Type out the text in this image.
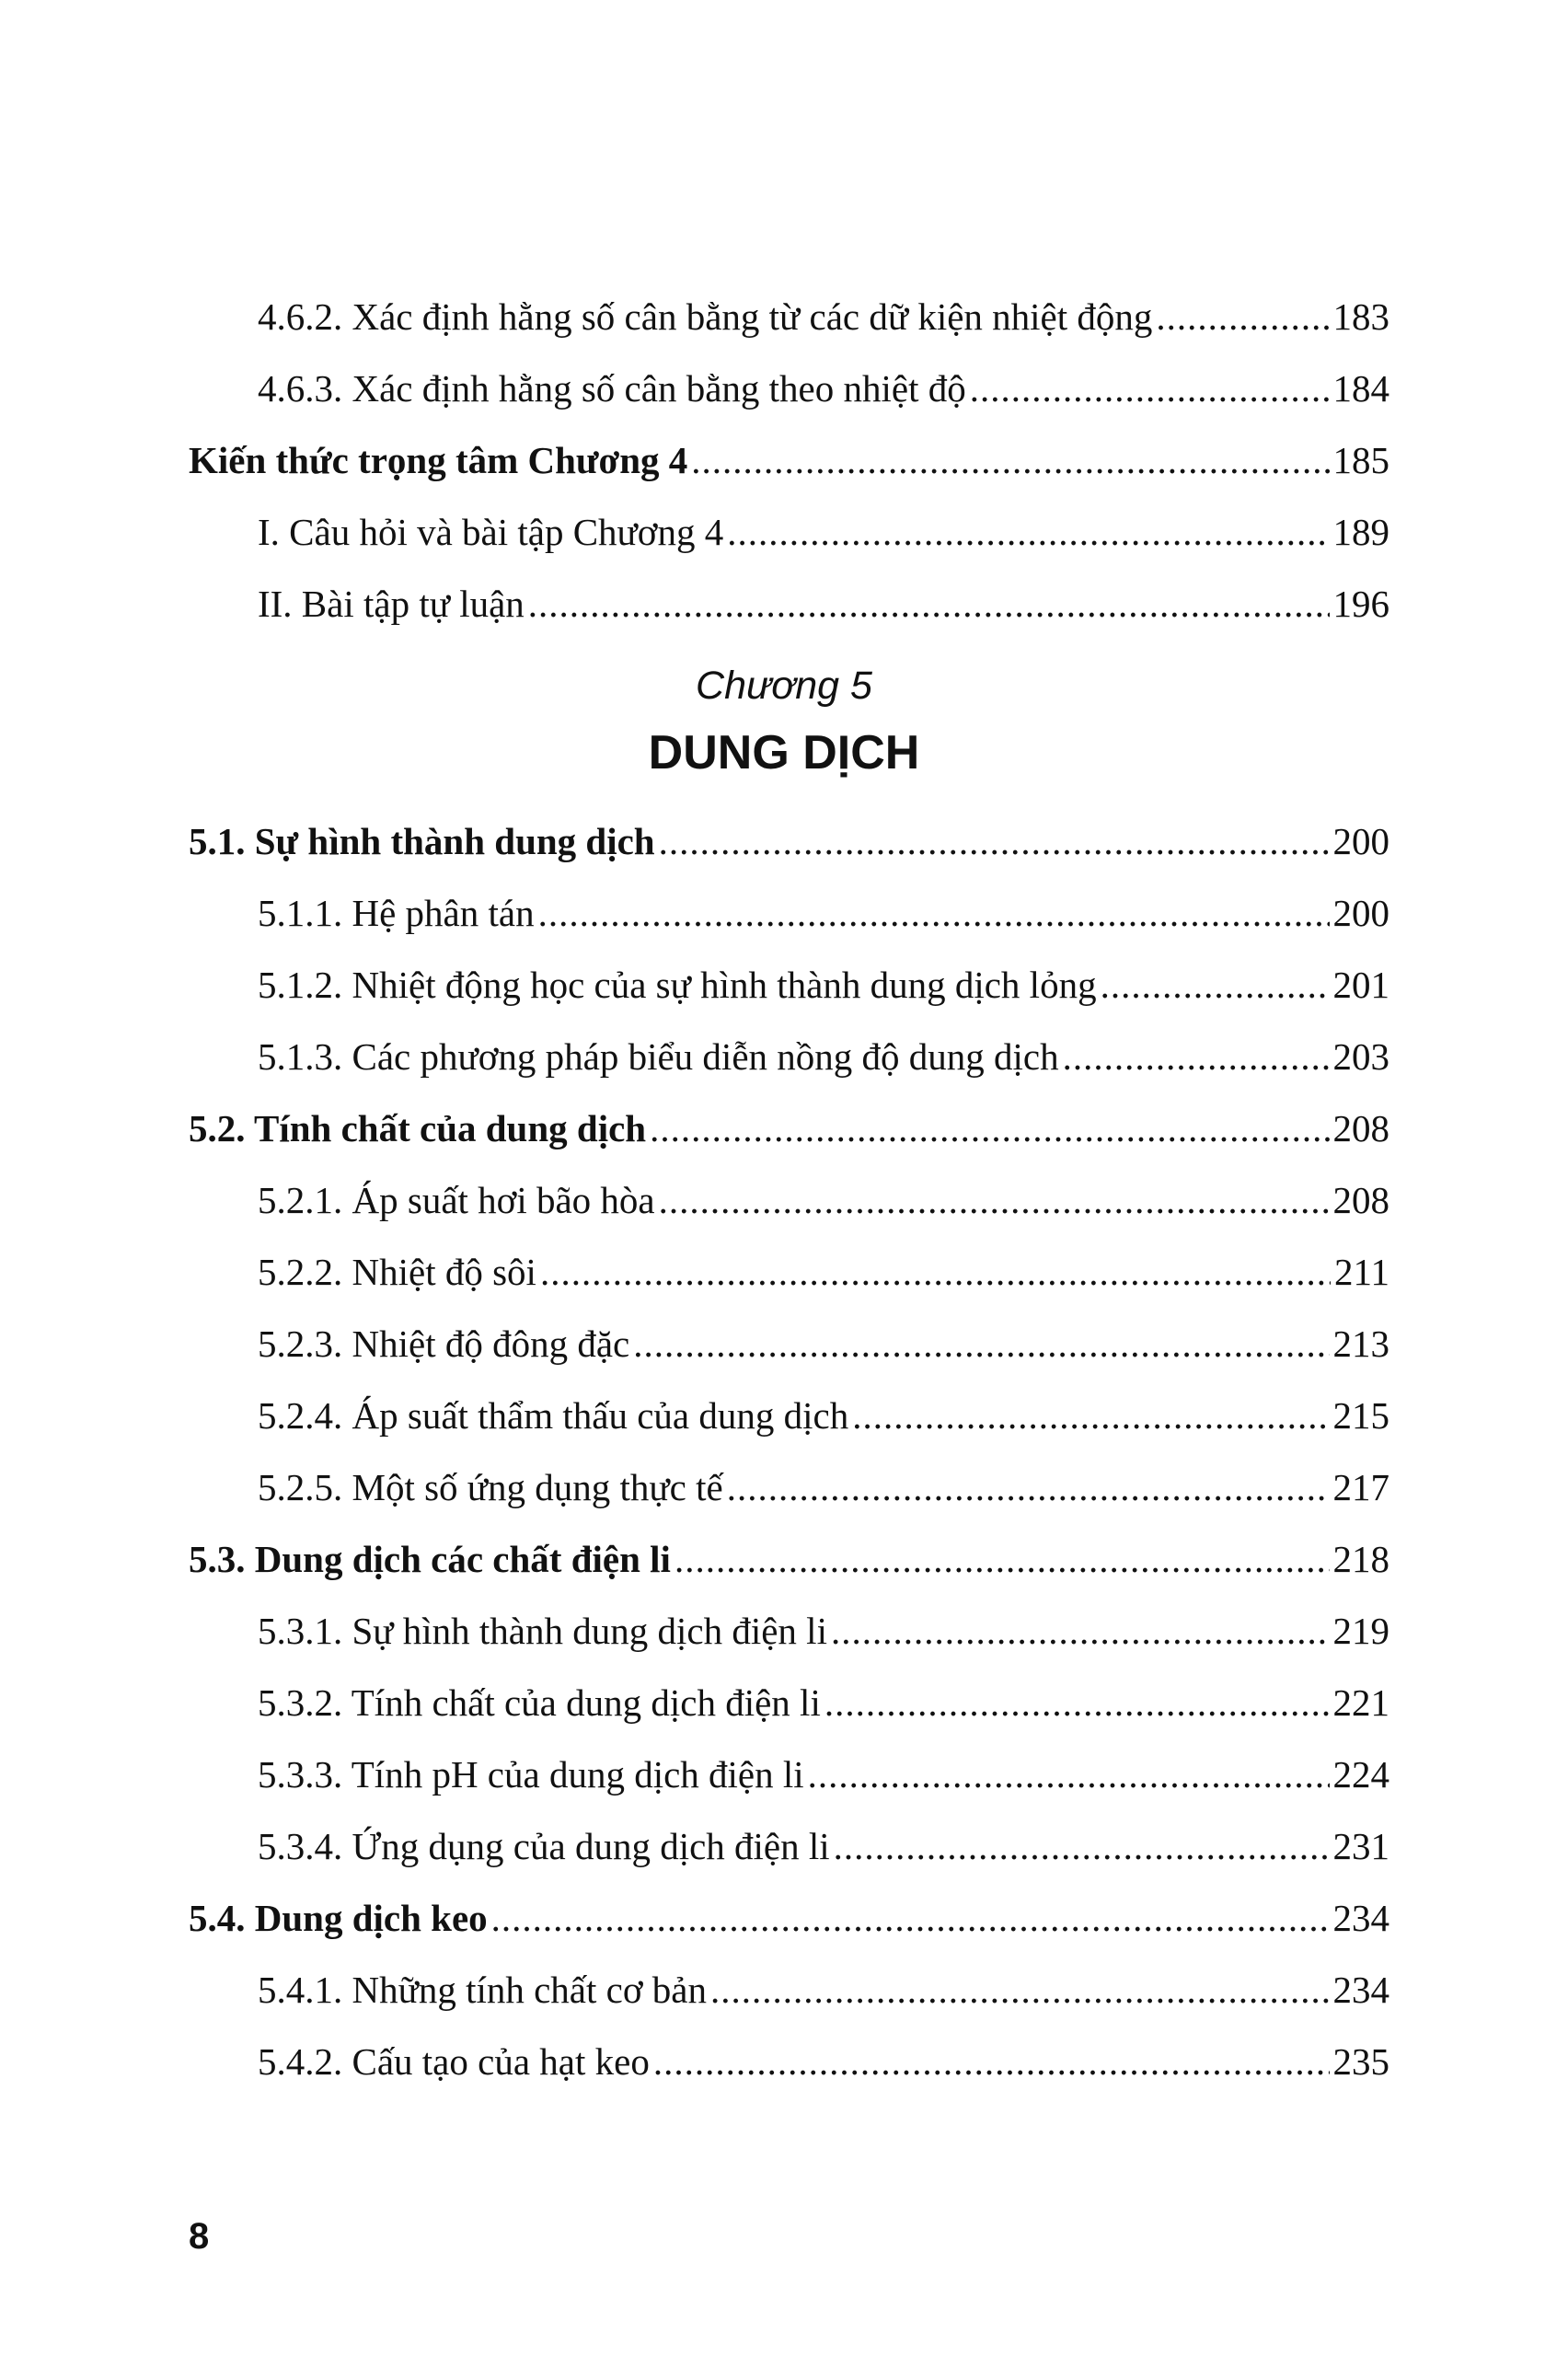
4.6.2. Xác định hằng số cân bằng từ các dữ kiện nhiệt động .....	183
4.6.3. Xác định hằng số cân bằng theo nhiệt độ .....	184
Kiến thức trọng tâm Chương 4 .....	185
I. Câu hỏi và bài tập Chương 4 .....	189
II. Bài tập tự luận .....	196
Chương 5
DUNG DỊCH
5.1. Sự hình thành dung dịch .....	200
5.1.1. Hệ phân tán .....	200
5.1.2. Nhiệt động học của sự hình thành dung dịch lỏng .....	201
5.1.3. Các phương pháp biểu diễn nồng độ dung dịch .....	203
5.2. Tính chất của dung dịch .....	208
5.2.1. Áp suất hơi bão hòa .....	208
5.2.2. Nhiệt độ sôi .....	211
5.2.3. Nhiệt độ đông đặc .....	213
5.2.4. Áp suất thẩm thấu của dung dịch .....	215
5.2.5. Một số ứng dụng thực tế .....	217
5.3. Dung dịch các chất điện li .....	218
5.3.1. Sự hình thành dung dịch điện li .....	219
5.3.2. Tính chất của dung dịch điện li .....	221
5.3.3. Tính pH của dung dịch điện li .....	224
5.3.4. Ứng dụng của dung dịch điện li .....	231
5.4. Dung dịch keo .....	234
5.4.1. Những tính chất cơ bản .....	234
5.4.2. Cấu tạo của hạt keo .....	235
8
